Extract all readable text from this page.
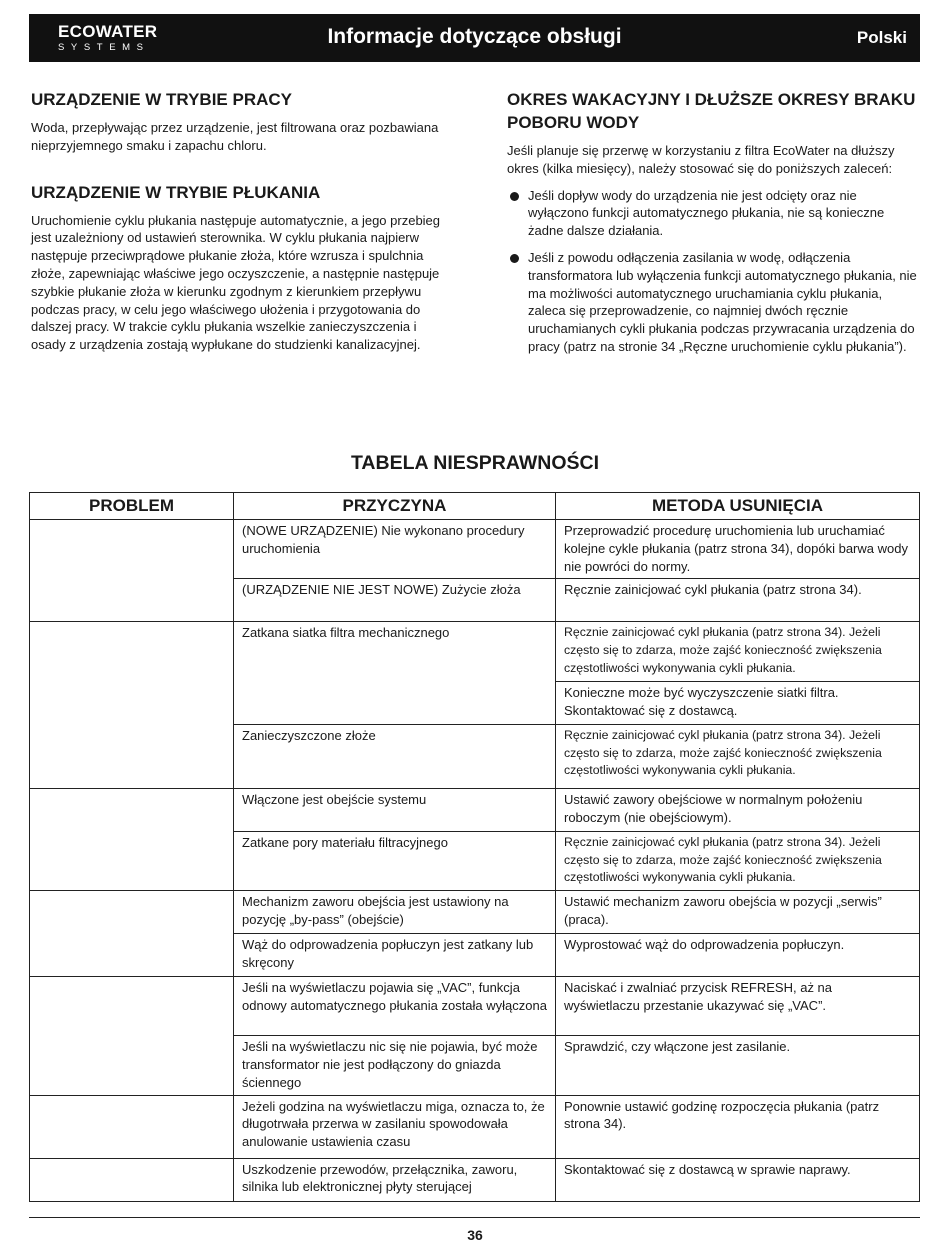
ECOWATER
SYSTEMS	Informacje dotyczące obsługi	Polski
URZĄDZENIE W TRYBIE PRACY

Woda, przepływając przez urządzenie, jest filtrowana oraz pozbawiana nieprzyjemnego smaku i zapachu chloru.

URZĄDZENIE W TRYBIE PŁUKANIA

Uruchomienie cyklu płukania następuje automatycznie, a jego przebieg jest uzależniony od ustawień sterownika. W cyklu płukania najpierw następuje przeciwprądowe płukanie złoża, które wzrusza i spulchnia złoże, zapewniając właściwe jego oczyszczenie, a następnie następuje szybkie płukanie złoża w kierunku zgodnym z kierunkiem przepływu podczas pracy, w celu jego właściwego ułożenia i przygotowania do dalszej pracy. W trakcie cyklu płukania wszelkie zanieczyszczenia i osady z urządzenia zostają wypłukane do studzienki kanalizacyjnej.

OKRES WAKACYJNY I DŁUŻSZE OKRESY BRAKU POBORU WODY

Jeśli planuje się przerwę w korzystaniu z filtra EcoWater na dłuższy okres (kilka miesięcy), należy stosować się do poniższych zaleceń:

Jeśli dopływ wody do urządzenia nie jest odcięty oraz nie wyłączono funkcji automatycznego płukania, nie są konieczne żadne dalsze działania.
Jeśli z powodu odłączenia zasilania w wodę, odłączenia transformatora lub wyłączenia funkcji automatycznego płukania, nie ma możliwości automatycznego uruchamiania cyklu płukania, zaleca się przeprowadzenie, co najmniej dwóch ręcznie uruchamianych cykli płukania podczas przywracania urządzenia do pracy (patrz na stronie 34 „Ręczne uruchomienie cyklu płukania”).
TABELA NIESPRAWNOŚCI
PROBLEM	PRZYCZYNA	METODA USUNIĘCIA
	(NOWE URZĄDZENIE) Nie wykonano procedury uruchomienia	Przeprowadzić procedurę uruchomienia lub uruchamiać kolejne cykle płukania (patrz strona 34), dopóki barwa wody nie powróci do normy.
	(URZĄDZENIE NIE JEST NOWE) Zużycie złoża	Ręcznie zainicjować cykl płukania (patrz strona 34).
	Zatkana siatka filtra mechanicznego	Ręcznie zainicjować cykl płukania (patrz strona 34). Jeżeli często się to zdarza, może zajść konieczność zwiększenia częstotliwości wykonywania cykli płukania.
		Konieczne może być wyczyszczenie siatki filtra. Skontaktować się z dostawcą.
	Zanieczyszczone złoże	Ręcznie zainicjować cykl płukania (patrz strona 34). Jeżeli często się to zdarza, może zajść konieczność zwiększenia częstotliwości wykonywania cykli płukania.
	Włączone jest obejście systemu	Ustawić zawory obejściowe w normalnym położeniu roboczym (nie obejściowym).
	Zatkane pory materiału filtracyjnego	Ręcznie zainicjować cykl płukania (patrz strona 34). Jeżeli często się to zdarza, może zajść konieczność zwiększenia częstotliwości wykonywania cykli płukania.
	Mechanizm zaworu obejścia jest ustawiony na pozycję „by-pass” (obejście)	Ustawić mechanizm zaworu obejścia w pozycji „serwis” (praca).
	Wąż do odprowadzenia popłuczyn jest zatkany lub skręcony	Wyprostować wąż do odprowadzenia popłuczyn.
	Jeśli na wyświetlaczu pojawia się „VAC”, funkcja odnowy automatycznego płukania została wyłączona	Naciskać i zwalniać przycisk REFRESH, aż na wyświetlaczu przestanie ukazywać się „VAC”.
	Jeśli na wyświetlaczu nic się nie pojawia, być może transformator nie jest podłączony do gniazda ściennego	Sprawdzić, czy włączone jest zasilanie.
	Jeżeli godzina na wyświetlaczu miga, oznacza to, że długotrwała przerwa w zasilaniu spowodowała anulowanie ustawienia czasu	Ponownie ustawić godzinę rozpoczęcia płukania (patrz strona 34).
	Uszkodzenie przewodów, przełącznika, zaworu, silnika lub elektronicznej płyty sterującej	Skontaktować się z dostawcą w sprawie naprawy.
36
